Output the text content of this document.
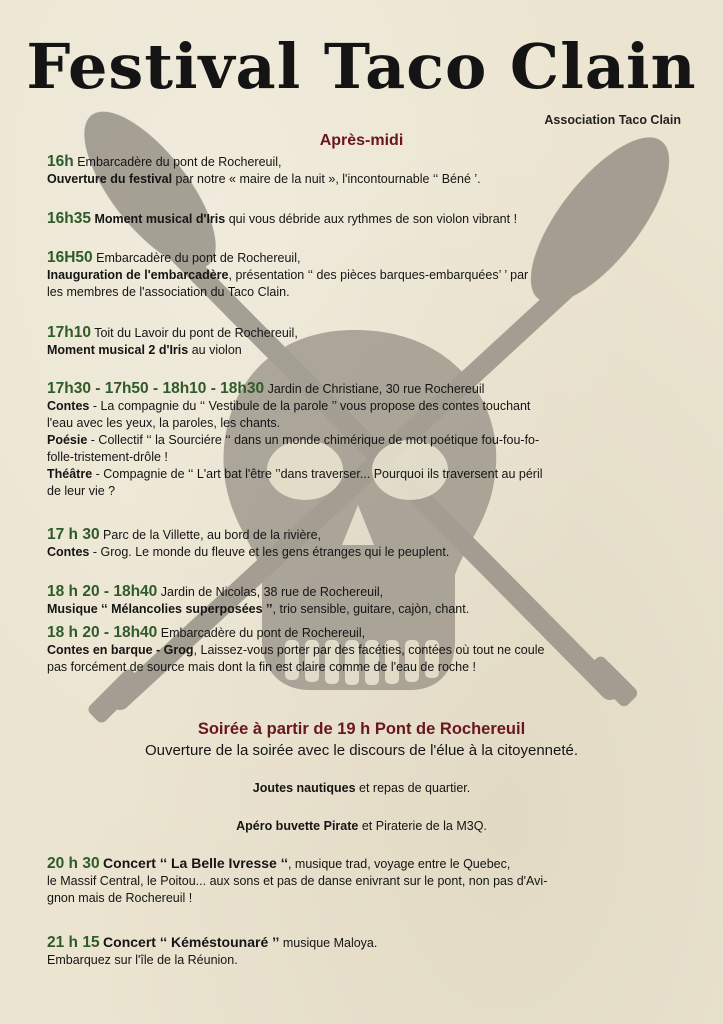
Festival Taco Clain
Association Taco Clain
Après-midi
16h Embarcadère du pont de Rochereuil,
Ouverture du festival par notre « maire de la nuit », l'incontournable ‘‘ Béné ’.
16h35 Moment musical d'Iris qui vous débride aux rythmes de son violon vibrant !
16H50 Embarcadère du pont de Rochereuil,
Inauguration de l'embarcadère, présentation ‘‘ des pièces barques-embarquées’ ’ par
les membres de l'association du Taco Clain.
17h10 Toit du Lavoir du pont de Rochereuil,
Moment musical 2 d'Iris au violon
17h30 - 17h50 - 18h10 - 18h30 Jardin de Christiane, 30 rue Rochereuil
Contes - La compagnie du ‘‘ Vestibule de la parole ’’ vous propose des contes touchant
l'eau avec les yeux, la paroles, les chants.
Poésie - Collectif ‘‘ la Sourciére ‘‘ dans un monde chimérique de mot poétique fou-fou-fo-
folle-tristement-drôle !
Théâtre - Compagnie de ‘‘ L'art bat l'être ’’dans traverser... Pourquoi ils traversent au péril
de leur vie ?
17 h 30 Parc de la Villette, au bord de la rivière,
Contes - Grog. Le monde du fleuve et les gens étranges qui le peuplent.
18 h 20 - 18h40 Jardin de Nicolas, 38 rue de Rochereuil,
Musique ‘‘ Mélancolies superposées ’’, trio sensible, guitare, cajòn, chant.
18 h 20 - 18h40 Embarcadère du pont de Rochereuil,
Contes en barque - Grog, Laissez-vous porter par des facéties, contées où tout ne coule
pas forcément de source mais dont la fin est claire comme de l'eau de roche !
Soirée à partir de 19 h Pont de Rochereuil
Ouverture de la soirée avec le discours de l'élue à la citoyenneté.
Joutes nautiques et repas de quartier.
Apéro buvette Pirate et Piraterie de la M3Q.
20 h 30 Concert ‘‘ La Belle Ivresse ‘‘, musique trad, voyage entre le Quebec,
le Massif Central, le Poitou... aux sons et pas de danse enivrant sur le pont, non pas d'Avi-
gnon mais de Rochereuil !
21 h 15 Concert ‘‘ Kéméstounaré ’’ musique Maloya.
Embarquez sur l'île de la Réunion.
